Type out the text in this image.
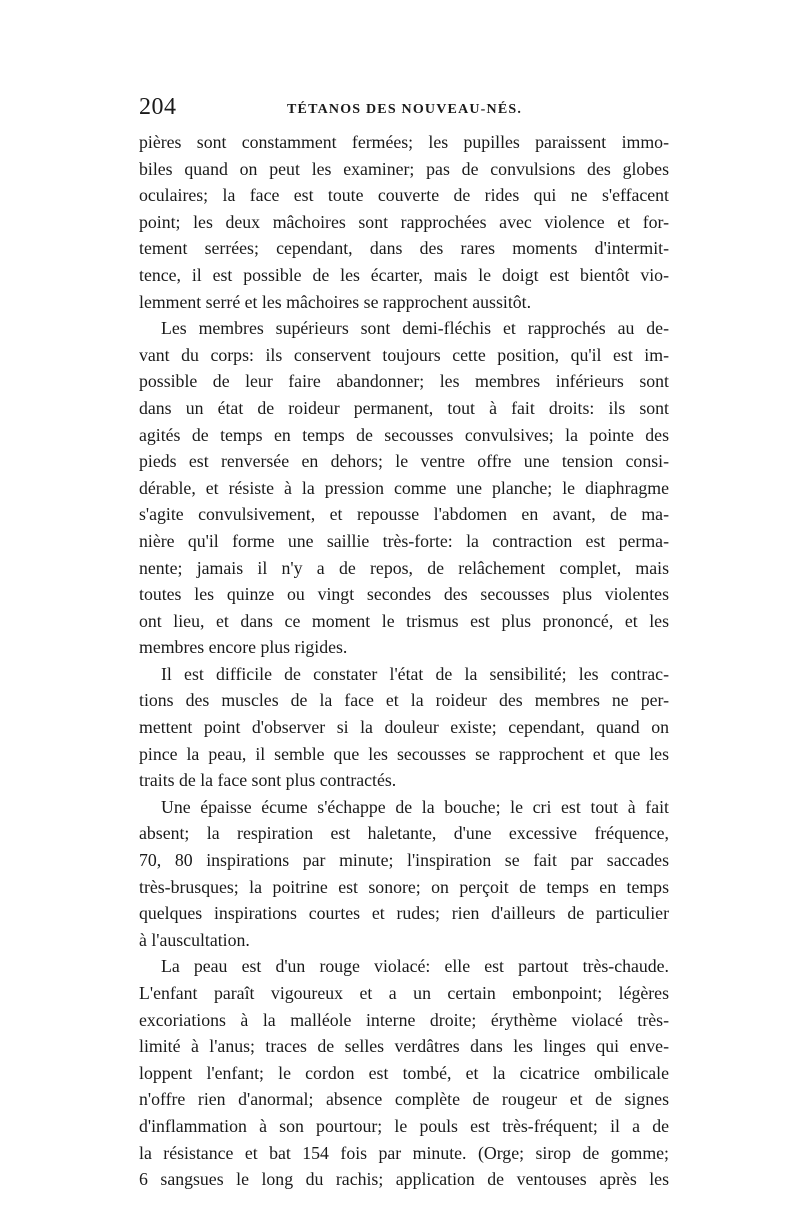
204	TÉTANOS DES NOUVEAU-NÉS.
pières sont constamment fermées; les pupilles paraissent immo-
biles quand on peut les examiner; pas de convulsions des globes
oculaires; la face est toute couverte de rides qui ne s'effacent
point; les deux mâchoires sont rapprochées avec violence et for-
tement serrées; cependant, dans des rares moments d'intermit-
tence, il est possible de les écarter, mais le doigt est bientôt vio-
lemment serré et les mâchoires se rapprochent aussitôt.
Les membres supérieurs sont demi-fléchis et rapprochés au de-
vant du corps: ils conservent toujours cette position, qu'il est im-
possible de leur faire abandonner; les membres inférieurs sont
dans un état de roideur permanent, tout à fait droits: ils sont
agités de temps en temps de secousses convulsives; la pointe des
pieds est renversée en dehors; le ventre offre une tension consi-
dérable, et résiste à la pression comme une planche; le diaphragme
s'agite convulsivement, et repousse l'abdomen en avant, de ma-
nière qu'il forme une saillie très-forte: la contraction est perma-
nente; jamais il n'y a de repos, de relâchement complet, mais
toutes les quinze ou vingt secondes des secousses plus violentes
ont lieu, et dans ce moment le trismus est plus prononcé, et les
membres encore plus rigides.
Il est difficile de constater l'état de la sensibilité; les contrac-
tions des muscles de la face et la roideur des membres ne per-
mettent point d'observer si la douleur existe; cependant, quand on
pince la peau, il semble que les secousses se rapprochent et que les
traits de la face sont plus contractés.
Une épaisse écume s'échappe de la bouche; le cri est tout à fait
absent; la respiration est haletante, d'une excessive fréquence,
70, 80 inspirations par minute; l'inspiration se fait par saccades
très-brusques; la poitrine est sonore; on perçoit de temps en temps
quelques inspirations courtes et rudes; rien d'ailleurs de particulier
à l'auscultation.
La peau est d'un rouge violacé: elle est partout très-chaude.
L'enfant paraît vigoureux et a un certain embonpoint; légères
excoriations à la malléole interne droite; érythème violacé très-
limité à l'anus; traces de selles verdâtres dans les linges qui enve-
loppent l'enfant; le cordon est tombé, et la cicatrice ombilicale
n'offre rien d'anormal; absence complète de rougeur et de signes
d'inflammation à son pourtour; le pouls est très-fréquent; il a de
la résistance et bat 154 fois par minute. (Orge; sirop de gomme;
6 sangsues le long du rachis; application de ventouses après les
